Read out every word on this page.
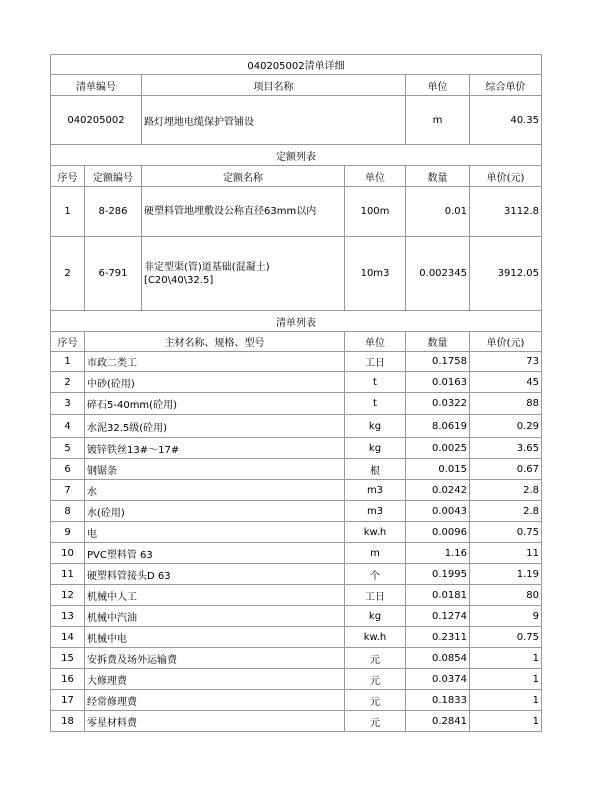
040205002清单详细						
清单编号		项目名称		单位	综合单价	
040205002		路灯埋地电缆保护管铺设		m	40.35	
定额列表						
序号	定额编号	定额名称	单位	数量	单价(元)	
1	8-286	硬塑料管地埋敷设公称直径63mm以内	100m	0.01	3112.8	
2	6-791	非定型渠(管)道基础(混凝土) [C20\40\32.5]	10m3	0.002345	3912.05	
清单列表						
序号	主材名称、规格、型号		单位	数量	单价(元)	
1	市政二类工		工日	0.1758	73	
2	中砂(砼用)		t	0.0163	45	
3	碎石5-40mm(砼用)		t	0.0322	88	
4	水泥32.5级(砼用)		kg	8.0619	0.29	
5	镀锌铁丝13#～17#		kg	0.0025	3.65	
6	钢锯条		根	0.015	0.67	
7	水		m3	0.0242	2.8	
8	水(砼用)		m3	0.0043	2.8	
9	电		kw.h	0.0096	0.75	
10	PVC塑料管 63		m	1.16	11	
11	硬塑料管接头D 63		个	0.1995	1.19	
12	机械中人工		工日	0.0181	80	
13	机械中汽油		kg	0.1274	9	
14	机械中电		kw.h	0.2311	0.75	
15	安拆费及场外运输费		元	0.0854	1	
16	大修理费		元	0.0374	1	
17	经常修理费		元	0.1833	1	
18	零星材料费		元	0.2841	1	
